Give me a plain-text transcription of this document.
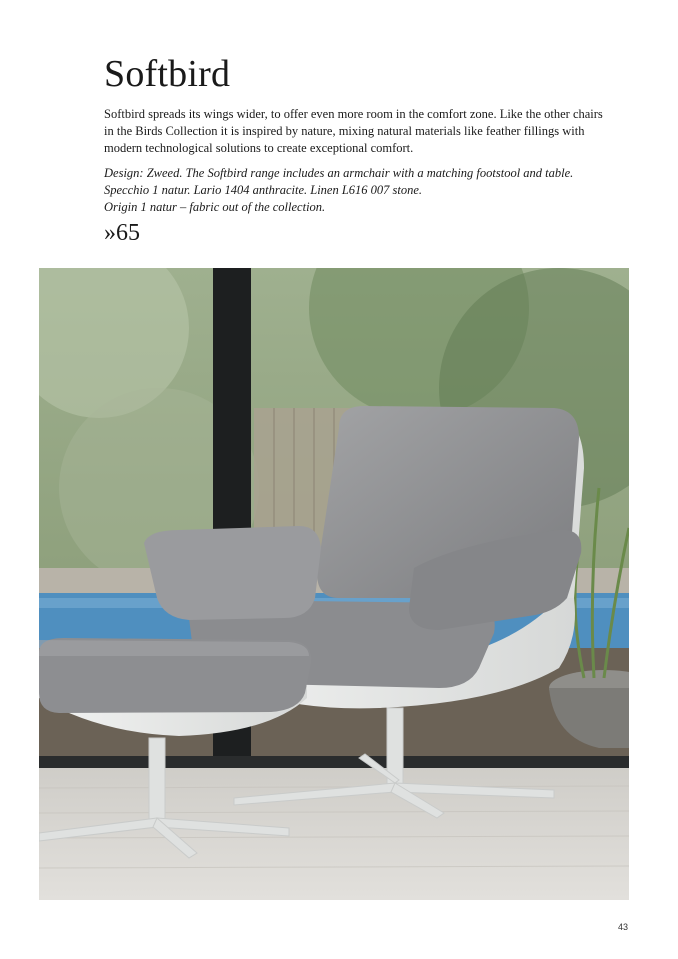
Softbird

Softbird spreads its wings wider, to offer even more room in the comfort zone. Like the other chairs in the Birds Collection it is inspired by nature, mixing natural materials like feather fillings with modern technological solutions to create exceptional comfort.

Design: Zweed. The Softbird range includes an armchair with a matching footstool and table.
Specchio 1 natur. Lario 1404 anthracite. Linen L616 007 stone.
Origin 1 natur – fabric out of the collection.

»65
43
